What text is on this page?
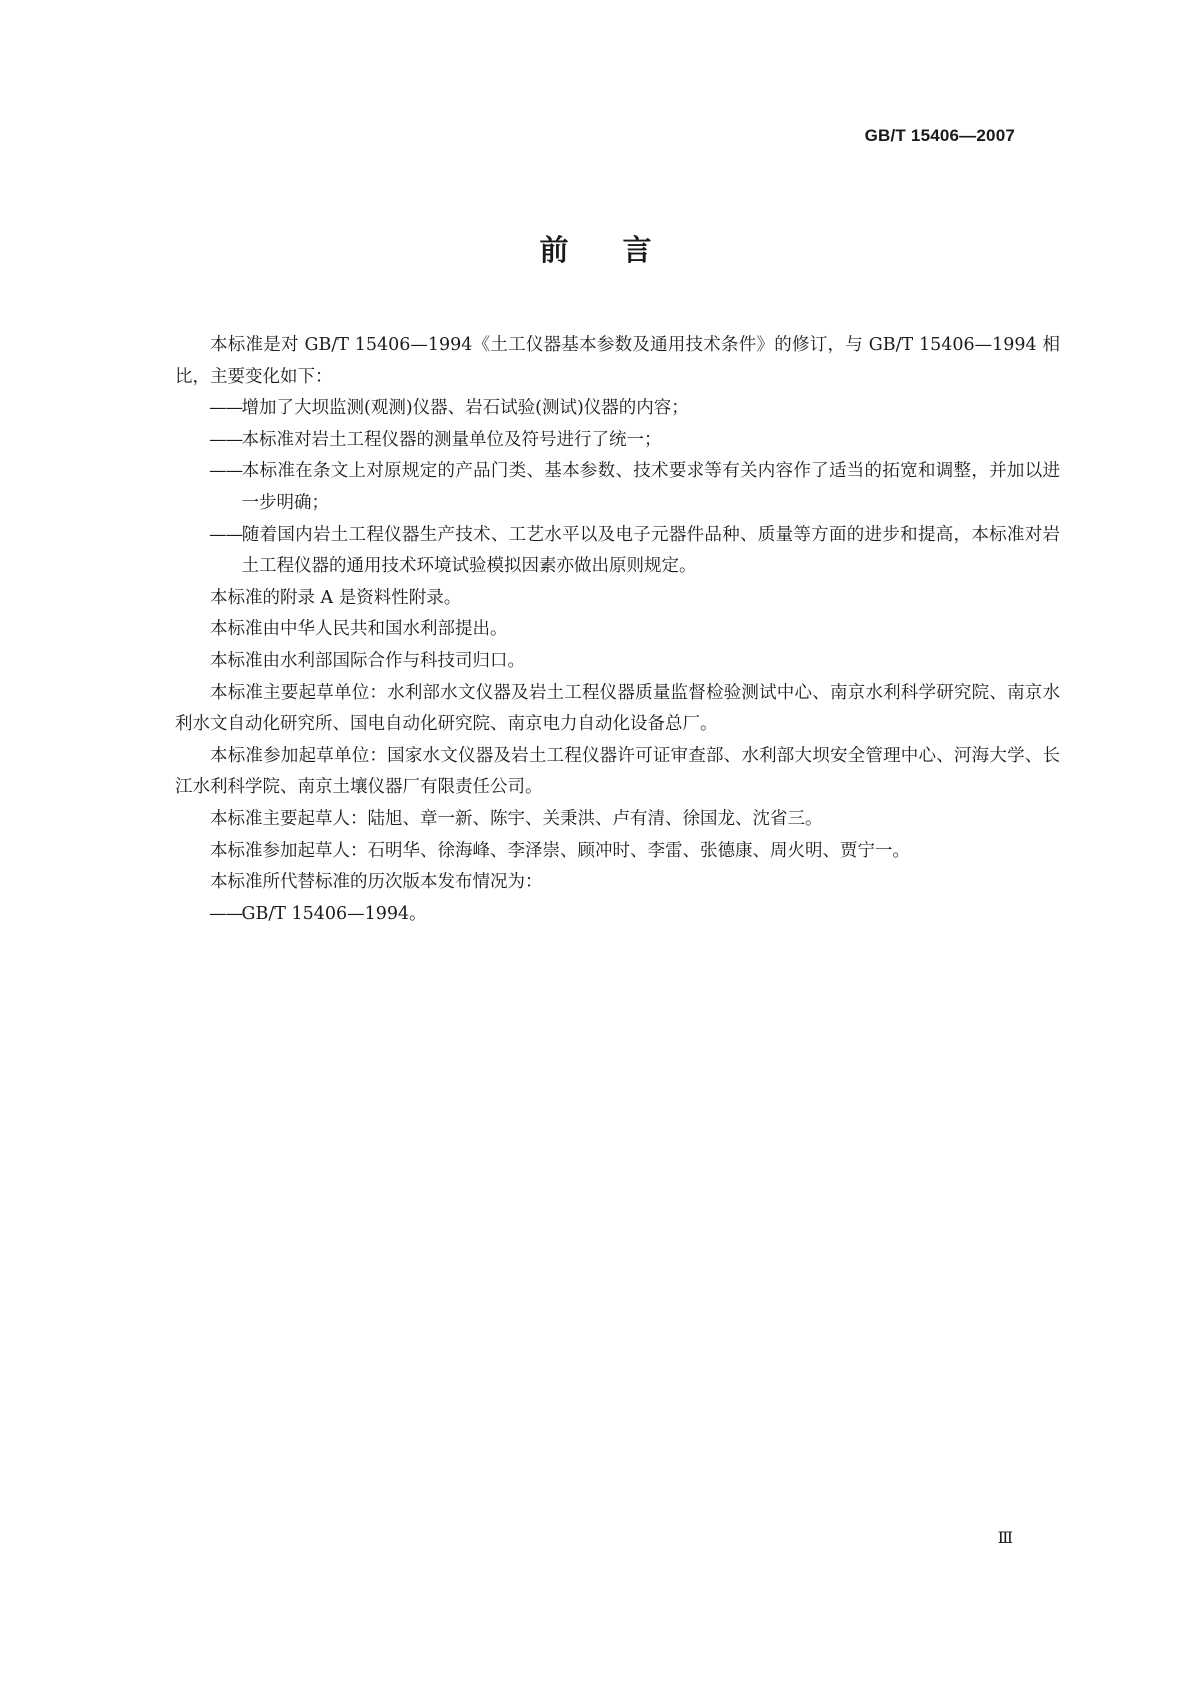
GB/T 15406—2007
前言

本标准是对 GB/T 15406—1994《土工仪器基本参数及通用技术条件》的修订，与 GB/T 15406—1994 相比，主要变化如下：

——增加了大坝监测(观测)仪器、岩石试验(测试)仪器的内容；

——本标准对岩土工程仪器的测量单位及符号进行了统一；

——本标准在条文上对原规定的产品门类、基本参数、技术要求等有关内容作了适当的拓宽和调整，并加以进一步明确；

——随着国内岩土工程仪器生产技术、工艺水平以及电子元器件品种、质量等方面的进步和提高，本标准对岩土工程仪器的通用技术环境试验模拟因素亦做出原则规定。

本标准的附录 A 是资料性附录。

本标准由中华人民共和国水利部提出。

本标准由水利部国际合作与科技司归口。

本标准主要起草单位：水利部水文仪器及岩土工程仪器质量监督检验测试中心、南京水利科学研究院、南京水利水文自动化研究所、国电自动化研究院、南京电力自动化设备总厂。

本标准参加起草单位：国家水文仪器及岩土工程仪器许可证审查部、水利部大坝安全管理中心、河海大学、长江水利科学院、南京土壤仪器厂有限责任公司。

本标准主要起草人：陆旭、章一新、陈宇、关秉洪、卢有清、徐国龙、沈省三。

本标准参加起草人：石明华、徐海峰、李泽崇、顾冲时、李雷、张德康、周火明、贾宁一。

本标准所代替标准的历次版本发布情况为：

——GB/T 15406—1994。

Ⅲ
